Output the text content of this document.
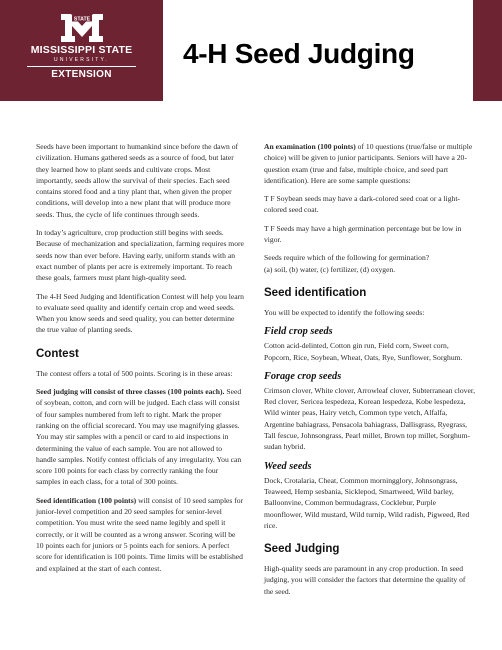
STATE
MISSISSIPPI STATE
UNIVERSITY.
EXTENSION
4-H Seed Judging

Seeds have been important to humankind since before the dawn of civilization. Humans gathered seeds as a source of food, but later they learned how to plant seeds and cultivate crops. Most importantly, seeds allow the survival of their species. Each seed contains stored food and a tiny plant that, when given the proper conditions, will develop into a new plant that will produce more seeds. Thus, the cycle of life continues through seeds.

In today’s agriculture, crop production still begins with seeds. Because of mechanization and specialization, farming requires more seeds now than ever before. Having early, uniform stands with an exact number of plants per acre is extremely important. To reach these goals, farmers must plant high-quality seed.

The 4-H Seed Judging and Identification Contest will help you learn to evaluate seed quality and identify certain crop and weed seeds. When you know seeds and seed quality, you can better determine the true value of planting seeds.

Contest

The contest offers a total of 500 points. Scoring is in these areas:

Seed judging will consist of three classes (100 points each). Seed of soybean, cotton, and corn will be judged. Each class will consist of four samples numbered from left to right. Mark the proper ranking on the official scorecard. You may use magnifying glasses. You may stir samples with a pencil or card to aid inspections in determining the value of each sample. You are not allowed to handle samples. Notify contest officials of any irregularity. You can score 100 points for each class by correctly ranking the four samples in each class, for a total of 300 points.

Seed identification (100 points) will consist of 10 seed samples for junior-level competition and 20 seed samples for senior-level competition. You must write the seed name legibly and spell it correctly, or it will be counted as a wrong answer. Scoring will be 10 points each for juniors or 5 points each for seniors. A perfect score for identification is 100 points. Time limits will be established and explained at the start of each contest.

An examination (100 points) of 10 questions (true/false or multiple choice) will be given to junior participants. Seniors will have a 20-question exam (true and false, multiple choice, and seed part identification). Here are some sample questions:

T F Soybean seeds may have a dark-colored seed coat or a light-colored seed coat.

T F Seeds may have a high germination percentage but be low in vigor.

Seeds require which of the following for germination?
(a) soil, (b) water, (c) fertilizer, (d) oxygen.

Seed identification

You will be expected to identify the following seeds:

Field crop seeds

Cotton acid-delinted, Cotton gin run, Field corn, Sweet corn, Popcorn, Rice, Soybean, Wheat, Oats, Rye, Sunflower, Sorghum.

Forage crop seeds

Crimson clover, White clover, Arrowleaf clover, Subterranean clover, Red clover, Sericea lespedeza, Korean lespedeza, Kobe lespedeza, Wild winter peas, Hairy vetch, Common type vetch, Alfalfa, Argentine bahiagrass, Pensacola bahiagrass, Dallisgrass, Ryegrass, Tall fescue, Johnsongrass, Pearl millet, Brown top millet, Sorghum-sudan hybrid.

Weed seeds

Dock, Crotalaria, Cheat, Common morningglory, Johnsongrass, Teaweed, Hemp sesbania, Sicklepod, Smartweed, Wild barley, Balloonvine, Common bermudagrass, Cocklebur, Purple moonflower, Wild mustard, Wild turnip, Wild radish, Pigweed, Red rice.

Seed Judging

High-quality seeds are paramount in any crop production. In seed judging, you will consider the factors that determine the quality of the seed.
